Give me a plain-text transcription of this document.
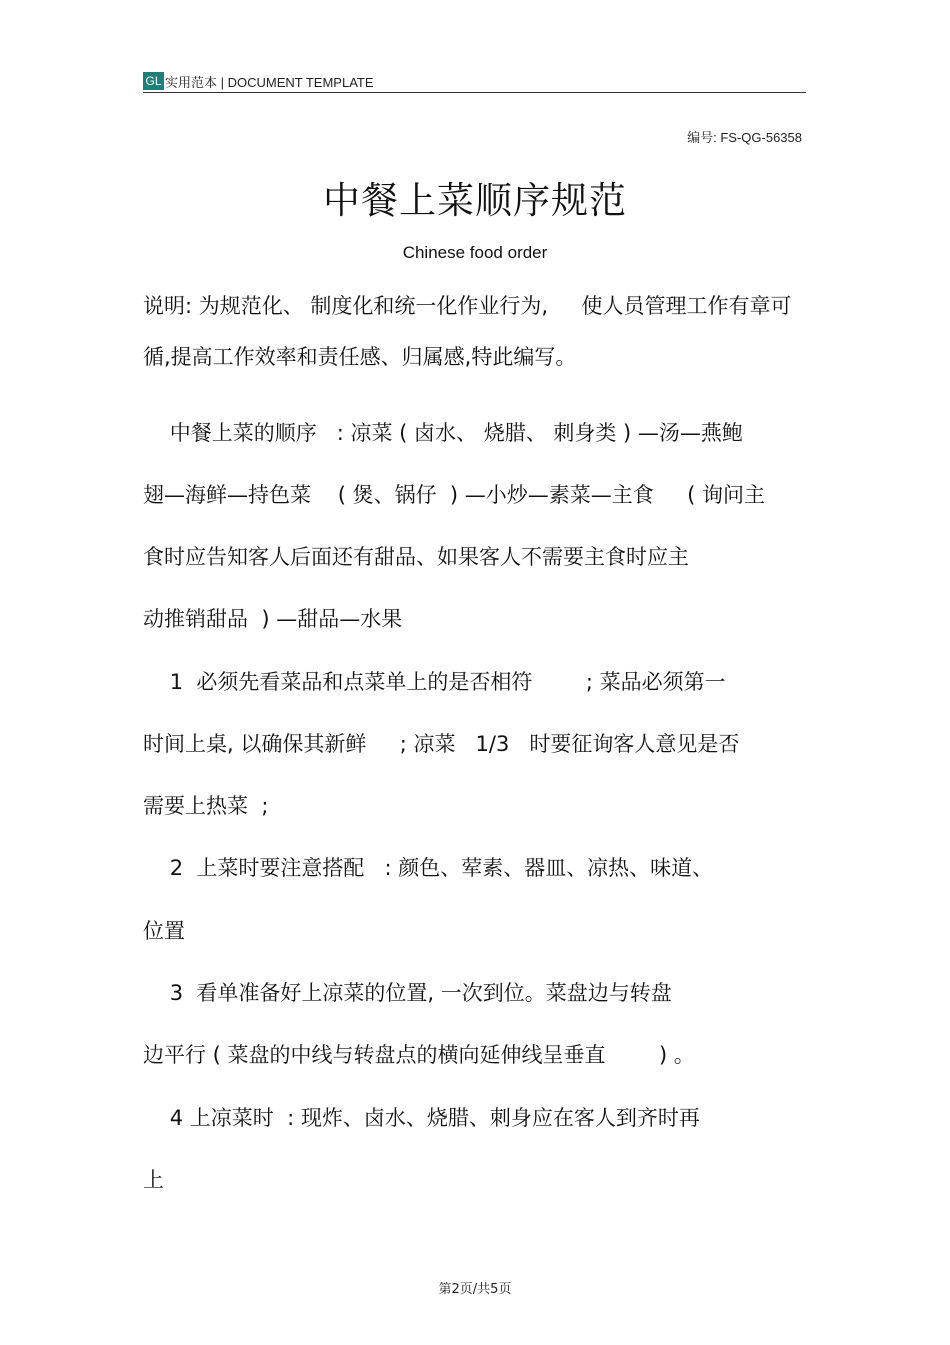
GL 实用范本 | DOCUMENT TEMPLATE
编号: FS-QG-56358
中餐上菜顺序规范
Chinese food order
说明: 为规范化、 制度化和统一化作业行为,     使人员管理工作有章可
循,提高工作效率和责任感、归属感,特此编写。
中餐上菜的顺序   : 凉菜 ( 卤水、 烧腊、 刺身类 ) —汤—燕鲍
翅—海鲜—持色菜    ( 煲、锅仔  ) —小炒—素菜—主食     ( 询问主
食时应告知客人后面还有甜品、如果客人不需要主食时应主
动推销甜品  ) —甜品—水果
1  必须先看菜品和点菜单上的是否相符        ; 菜品必须第一
时间上桌, 以确保其新鲜     ; 凉菜   1/3   时要征询客人意见是否
需要上热菜  ;
2  上菜时要注意搭配   : 颜色、荤素、器皿、凉热、味道、
位置
3  看单准备好上凉菜的位置, 一次到位。菜盘边与转盘
边平行 ( 菜盘的中线与转盘点的横向延伸线呈垂直        ) 。
4 上凉菜时  : 现炸、卤水、烧腊、刺身应在客人到齐时再
上
第2页/共5页
